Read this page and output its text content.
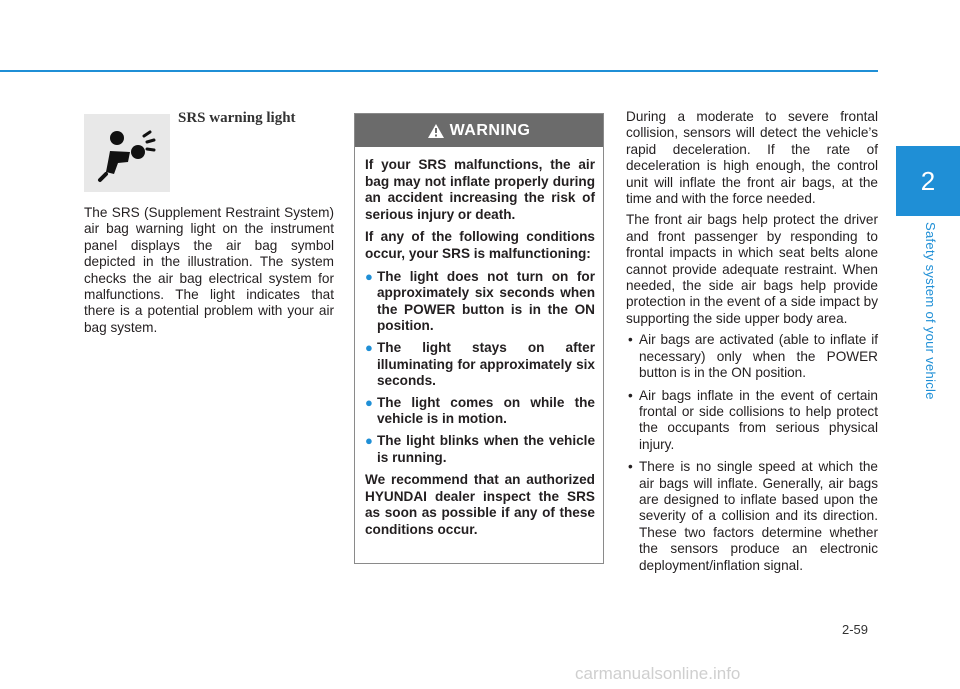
SRS warning light
The SRS (Supplement Restraint System) air bag warning light on the instrument panel displays the air bag symbol depicted in the illustration. The system checks the air bag electrical system for malfunctions. The light indicates that there is a potential problem with your air bag system.
WARNING

If your SRS malfunctions, the air bag may not inflate properly during an accident increasing the risk of serious injury or death.

If any of the following conditions occur, your SRS is malfunctioning:

● The light does not turn on for approximately six seconds when the POWER button is in the ON position.
● The light stays on after illuminating for approximately six seconds.
● The light comes on while the vehicle is in motion.
● The light blinks when the vehicle is running.

We recommend that an authorized HYUNDAI dealer inspect the SRS as soon as possible if any of these conditions occur.

During a moderate to severe frontal collision, sensors will detect the vehicle’s rapid deceleration. If the rate of deceleration is high enough, the control unit will inflate the front air bags, at the time and with the force needed.

The front air bags help protect the driver and front passenger by responding to frontal impacts in which seat belts alone cannot provide adequate restraint. When needed, the side air bags help provide protection in the event of a side impact by supporting the side upper body area.

• Air bags are activated (able to inflate if necessary) only when the POWER button is in the ON position.
• Air bags inflate in the event of certain frontal or side collisions to help protect the occupants from serious physical injury.
• There is no single speed at which the air bags will inflate. Generally, air bags are designed to inflate based upon the severity of a collision and its direction. These two factors determine whether the sensors produce an electronic deployment/inflation signal.
2
Safety system of your vehicle
2-59
carmanualsonline.info
